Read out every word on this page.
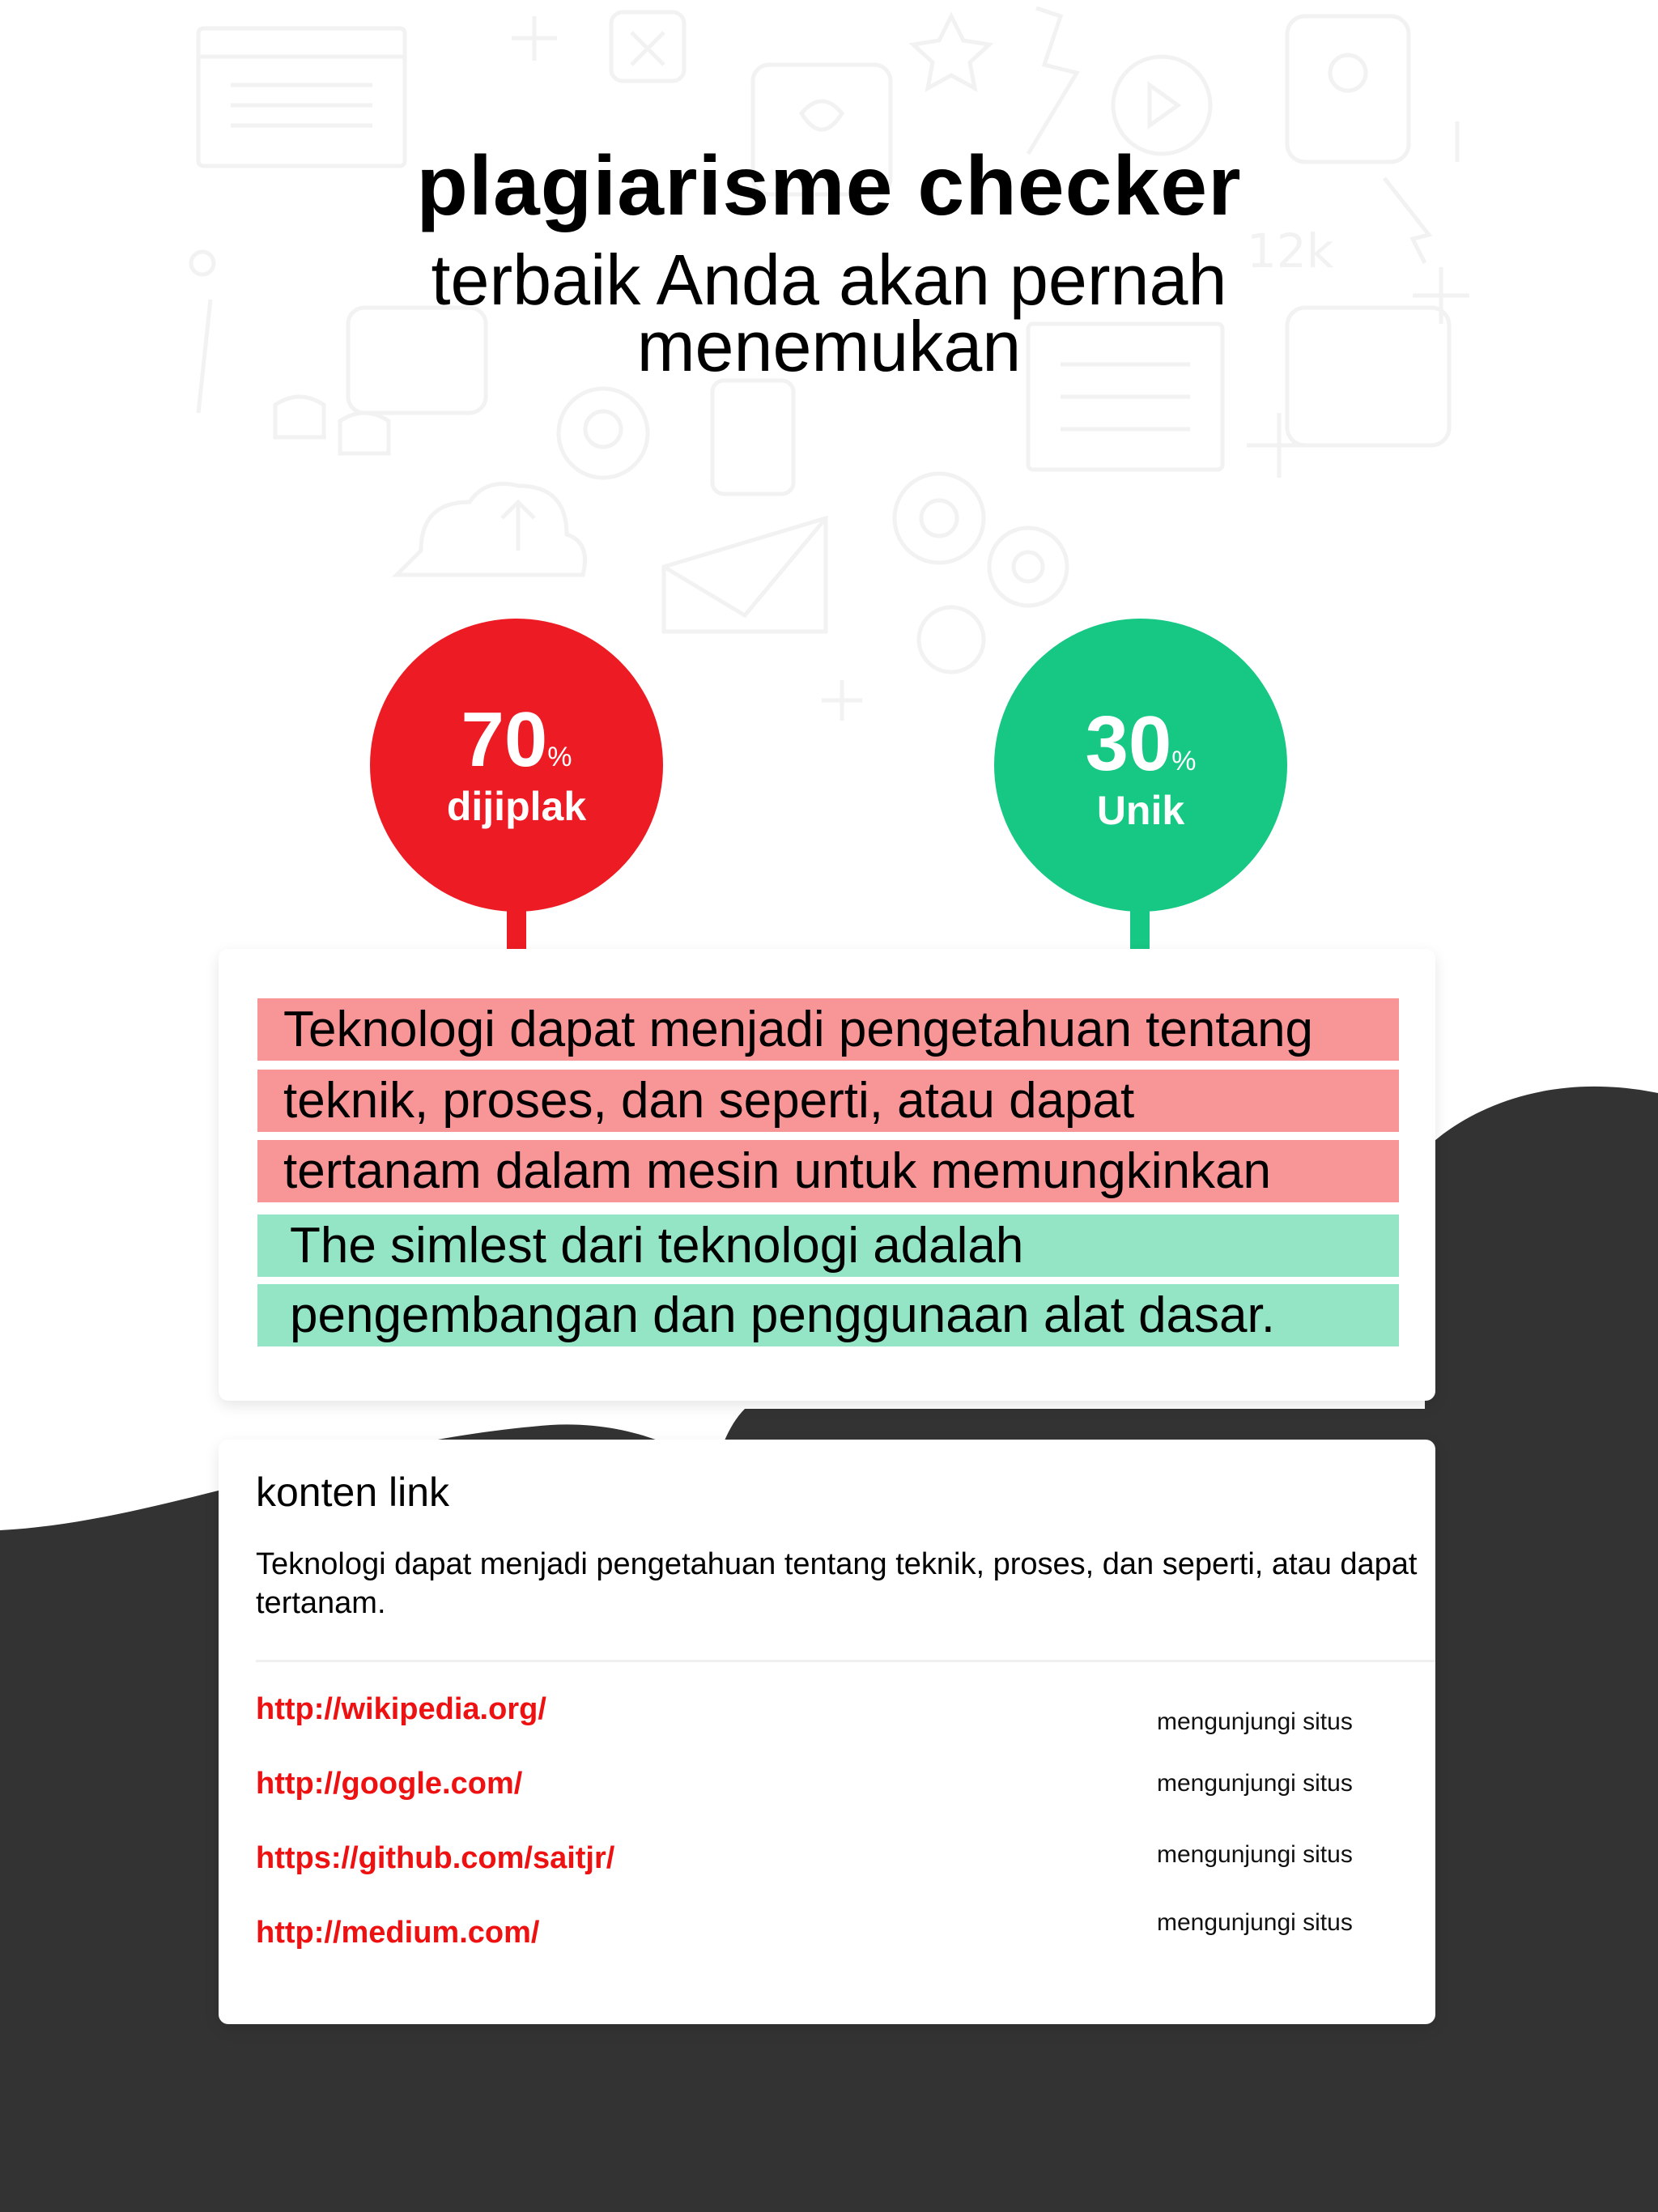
12k
plagiarisme checker
terbaik Anda akan pernah
menemukan
70%
dijiplak
30%
Unik
Teknologi dapat menjadi pengetahuan tentang
teknik, proses, dan seperti, atau dapat
tertanam dalam mesin untuk memungkinkan
The simlest dari teknologi adalah
pengembangan dan penggunaan alat dasar.
konten link
Teknologi dapat menjadi pengetahuan tentang teknik, proses, dan seperti, atau dapat tertanam.
http://wikipedia.org/	mengunjungi situs
http://google.com/	mengunjungi situs
https://github.com/saitjr/	mengunjungi situs
http://medium.com/	mengunjungi situs
